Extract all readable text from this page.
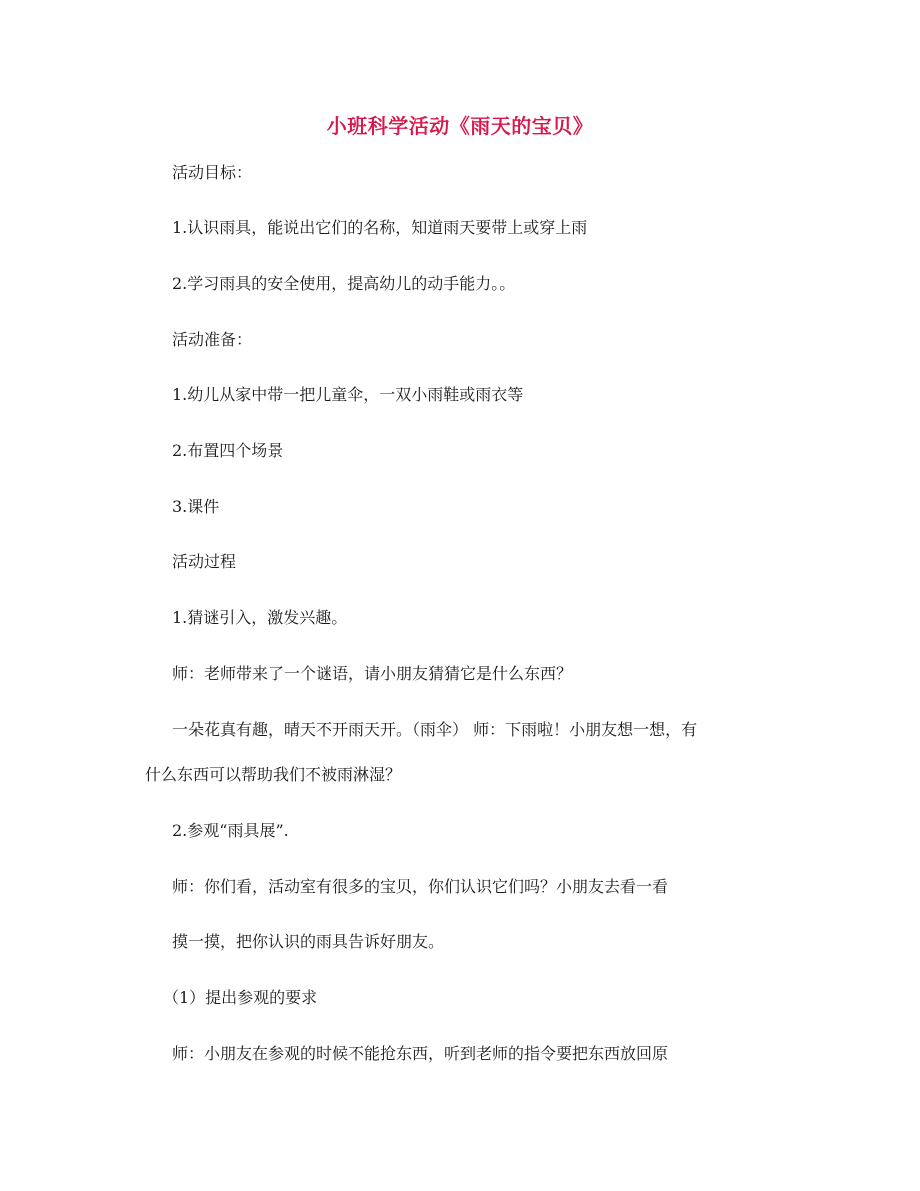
小班科学活动《雨天的宝贝》
活动目标：
1.认识雨具，能说出它们的名称，知道雨天要带上或穿上雨
2.学习雨具的安全使用，提高幼儿的动手能力。。
活动准备：
1.幼儿从家中带一把儿童伞，一双小雨鞋或雨衣等
2.布置四个场景
3.课件
活动过程
1.猜谜引入，激发兴趣。
师：老师带来了一个谜语，请小朋友猜猜它是什么东西？
一朵花真有趣，晴天不开雨天开。（雨伞） 师：下雨啦！小朋友想一想，有
什么东西可以帮助我们不被雨淋湿？
2.参观“雨具展”.
师：你们看，活动室有很多的宝贝，你们认识它们吗？小朋友去看一看
摸一摸，把你认识的雨具告诉好朋友。
（1）提出参观的要求
师：小朋友在参观的时候不能抢东西，听到老师的指令要把东西放回原
